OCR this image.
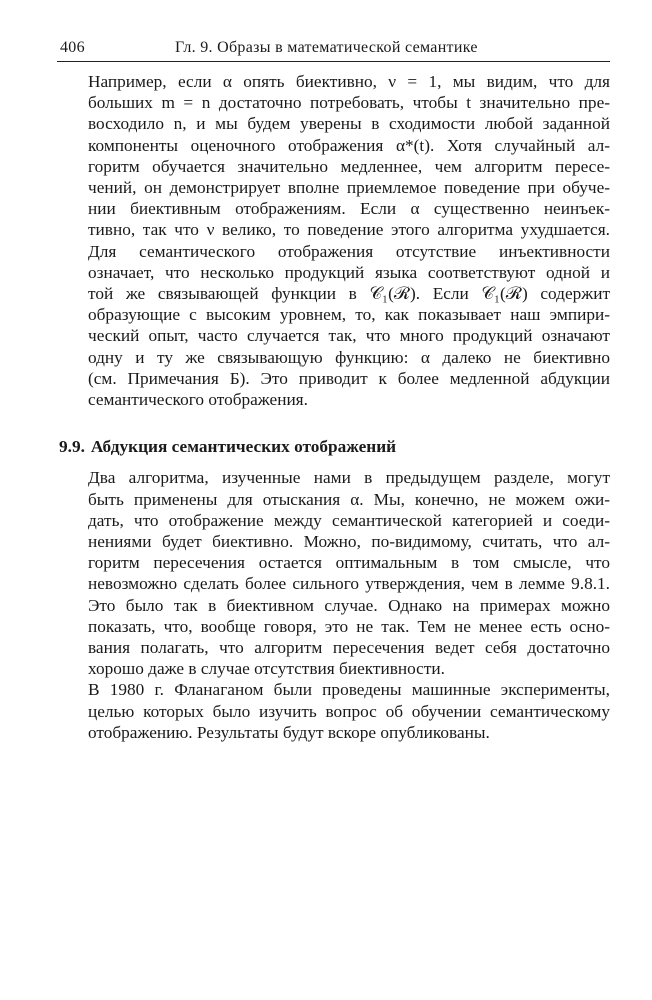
406	Гл. 9. Образы в математической семантике

Например, если α опять биективно, ν = 1, мы видим, что для
больших m = n достаточно потребовать, чтобы t значительно пре-
восходило n, и мы будем уверены в сходимости любой заданной
компоненты оценочного отображения α*(t). Хотя случайный ал-
горитм обучается значительно медленнее, чем алгоритм пересе-
чений, он демонстрирует вполне приемлемое поведение при обуче-
нии биективным отображениям. Если α существенно неинъек-
тивно, так что ν велико, то поведение этого алгоритма ухудшается.

Для семантического отображения отсутствие инъективности
означает, что несколько продукций языка соответствуют одной и
той же связывающей функции в 𝒞₁(ℛ). Если 𝒞₁(ℛ) содержит
образующие с высоким уровнем, то, как показывает наш эмпири-
ческий опыт, часто случается так, что много продукций означают
одну и ту же связывающую функцию: α далеко не биективно
(см. Примечания Б). Это приводит к более медленной абдукции
семантического отображения.

9.9. Абдукция семантических отображений

Два алгоритма, изученные нами в предыдущем разделе, могут
быть применены для отыскания α. Мы, конечно, не можем ожи-
дать, что отображение между семантической категорией и соеди-
нениями будет биективно. Можно, по-видимому, считать, что ал-
горитм пересечения остается оптимальным в том смысле, что
невозможно сделать более сильного утверждения, чем в лемме 9.8.1.
Это было так в биективном случае. Однако на примерах можно
показать, что, вообще говоря, это не так. Тем не менее есть осно-
вания полагать, что алгоритм пересечения ведет себя достаточно
хорошо даже в случае отсутствия биективности.

В 1980 г. Фланаганом были проведены машинные эксперименты,
целью которых было изучить вопрос об обучении семантическому
отображению. Результаты будут вскоре опубликованы.
